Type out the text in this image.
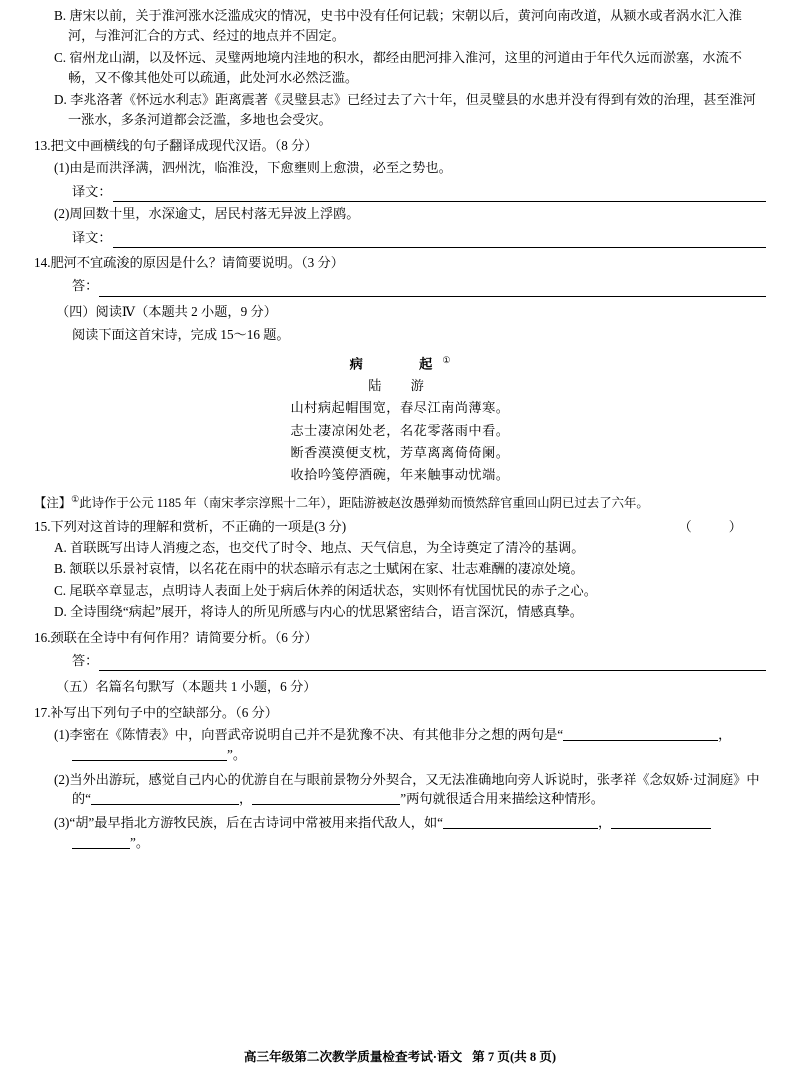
B. 唐宋以前，关于淮河涨水泛滥成灾的情况，史书中没有任何记载；宋朝以后，黄河向南改道，从颍水或者涡水汇入淮河，与淮河汇合的方式、经过的地点并不固定。
C. 宿州龙山湖，以及怀远、灵璧两地境内洼地的积水，都经由肥河排入淮河，这里的河道由于年代久远而淤塞，水流不畅，又不像其他处可以疏通，此处河水必然泛滥。
D. 李兆洛著《怀远水利志》距离震著《灵璧县志》已经过去了六十年，但灵璧县的水患并没有得到有效的治理，甚至淮河一涨水，多条河道都会泛滥，多地也会受灾。
13.把文中画横线的句子翻译成现代汉语。（8 分）
(1)由是而洪泽满，泗州沈，临淮没，下愈壅则上愈溃，必至之势也。
译文：
(2)周回数十里，水深逾丈，居民村落无异波上浮鸥。
译文：
14.肥河不宜疏浚的原因是什么？请简要说明。（3 分）
答：
（四）阅读Ⅳ（本题共 2 小题，9 分）
阅读下面这首宋诗，完成 15～16 题。
病　　起①
陆　游
山村病起帽围宽，春尽江南尚薄寒。
志士凄凉闲处老，名花零落雨中看。
断香漠漠便支枕，芳草离离倚倚阑。
收拾吟笺停酒碗，年来触事动忧端。
【注】①此诗作于公元 1185 年（南宋孝宗淳熙十二年），距陆游被赵汝愚弹劾而愤然辞官重回山阴已过去了六年。
（　）
15.下列对这首诗的理解和赏析，不正确的一项是(3 分)
A. 首联既写出诗人消瘦之态，也交代了时令、地点、天气信息，为全诗奠定了清冷的基调。
B. 颔联以乐景衬哀情，以名花在雨中的状态暗示有志之士赋闲在家、壮志难酬的凄凉处境。
C. 尾联卒章显志，点明诗人表面上处于病后休养的闲适状态，实则怀有忧国忧民的赤子之心。
D. 全诗围绕“病起”展开，将诗人的所见所感与内心的忧思紧密结合，语言深沉，情感真挚。
16.颈联在全诗中有何作用？请简要分析。（6 分）
答：
（五）名篇名句默写（本题共 1 小题，6 分）
17.补写出下列句子中的空缺部分。（6 分）
(1)李密在《陈情表》中，向晋武帝说明自己并不是犹豫不决、有其他非分之想的两句是“	，
”。
(2)当外出游玩，感觉自己内心的优游自在与眼前景物分外契合，又无法准确地向旁人诉说时，张孝祥《念奴娇·过洞庭》中的“	，	”两句就很适合用来描绘这种情形。
(3)“胡”最早指北方游牧民族，后在古诗词中常被用来指代敌人，如“	，
”。
高三年级第二次教学质量检查考试·语文 第 7 页(共 8 页)
